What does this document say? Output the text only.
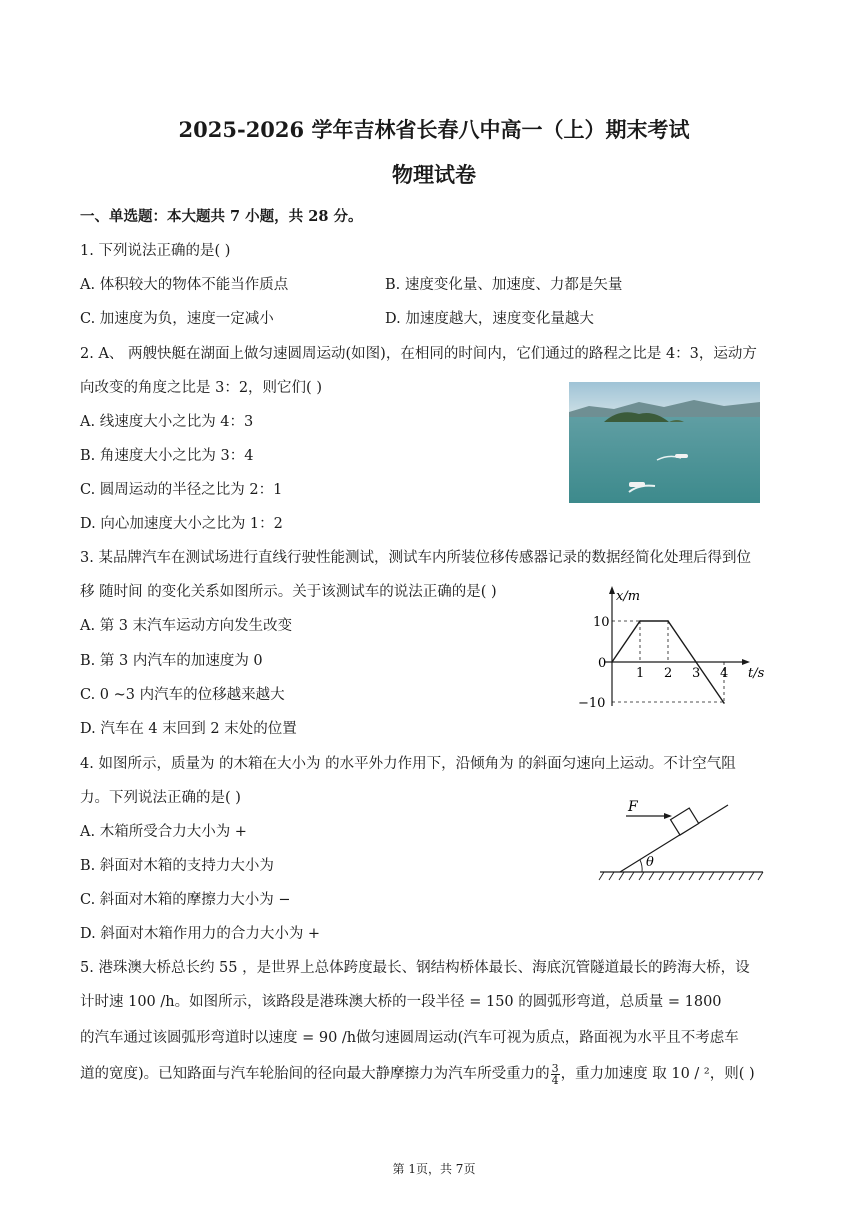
2025-2026 学年吉林省长春八中高一（上）期末考试
物理试卷
一、单选题：本大题共 7 小题，共 28 分。
1. 下列说法正确的是( )
A. 体积较大的物体不能当作质点	B. 速度变化量、加速度、力都是矢量
C. 加速度为负，速度一定减小	D. 加速度越大，速度变化量越大
2. A、 两艘快艇在湖面上做匀速圆周运动(如图)，在相同的时间内，它们通过的路程之比是 4：3，运动方
向改变的角度之比是 3：2，则它们( )
A. 线速度大小之比为 4：3
B. 角速度大小之比为 3：4
C. 圆周运动的半径之比为 2：1
D. 向心加速度大小之比为 1：2
3. 某品牌汽车在测试场进行直线行驶性能测试，测试车内所装位移传感器记录的数据经简化处理后得到位
移 随时间 的变化关系如图所示。关于该测试车的说法正确的是( )
A. 第 3 末汽车运动方向发生改变
B. 第 3 内汽车的加速度为 0
C. 0 ~3 内汽车的位移越来越大
D. 汽车在 4 末回到 2 末处的位置
x/m
t/s
10
0
−10
1 2 3 4
4. 如图所示，质量为 的木箱在大小为 的水平外力作用下，沿倾角为 的斜面匀速向上运动。不计空气阻
力。下列说法正确的是( )
A. 木箱所受合力大小为 +
B. 斜面对木箱的支持力大小为
C. 斜面对木箱的摩擦力大小为 −
D. 斜面对木箱作用力的合力大小为 +
F
θ
5. 港珠澳大桥总长约 55 ，是世界上总体跨度最长、钢结构桥体最长、海底沉管隧道最长的跨海大桥，设
计时速 100 /h。如图所示，该路段是港珠澳大桥的一段半径 = 150 的圆弧形弯道，总质量 = 1800
的汽车通过该圆弧形弯道时以速度 = 90 /h做匀速圆周运动(汽车可视为质点，路面视为水平且不考虑车
道的宽度)。已知路面与汽车轮胎间的径向最大静摩擦力为汽车所受重力的 $\frac{3}{4}$ ，重力加速度 取 10 / ²，则( )
第 1页，共 7页
